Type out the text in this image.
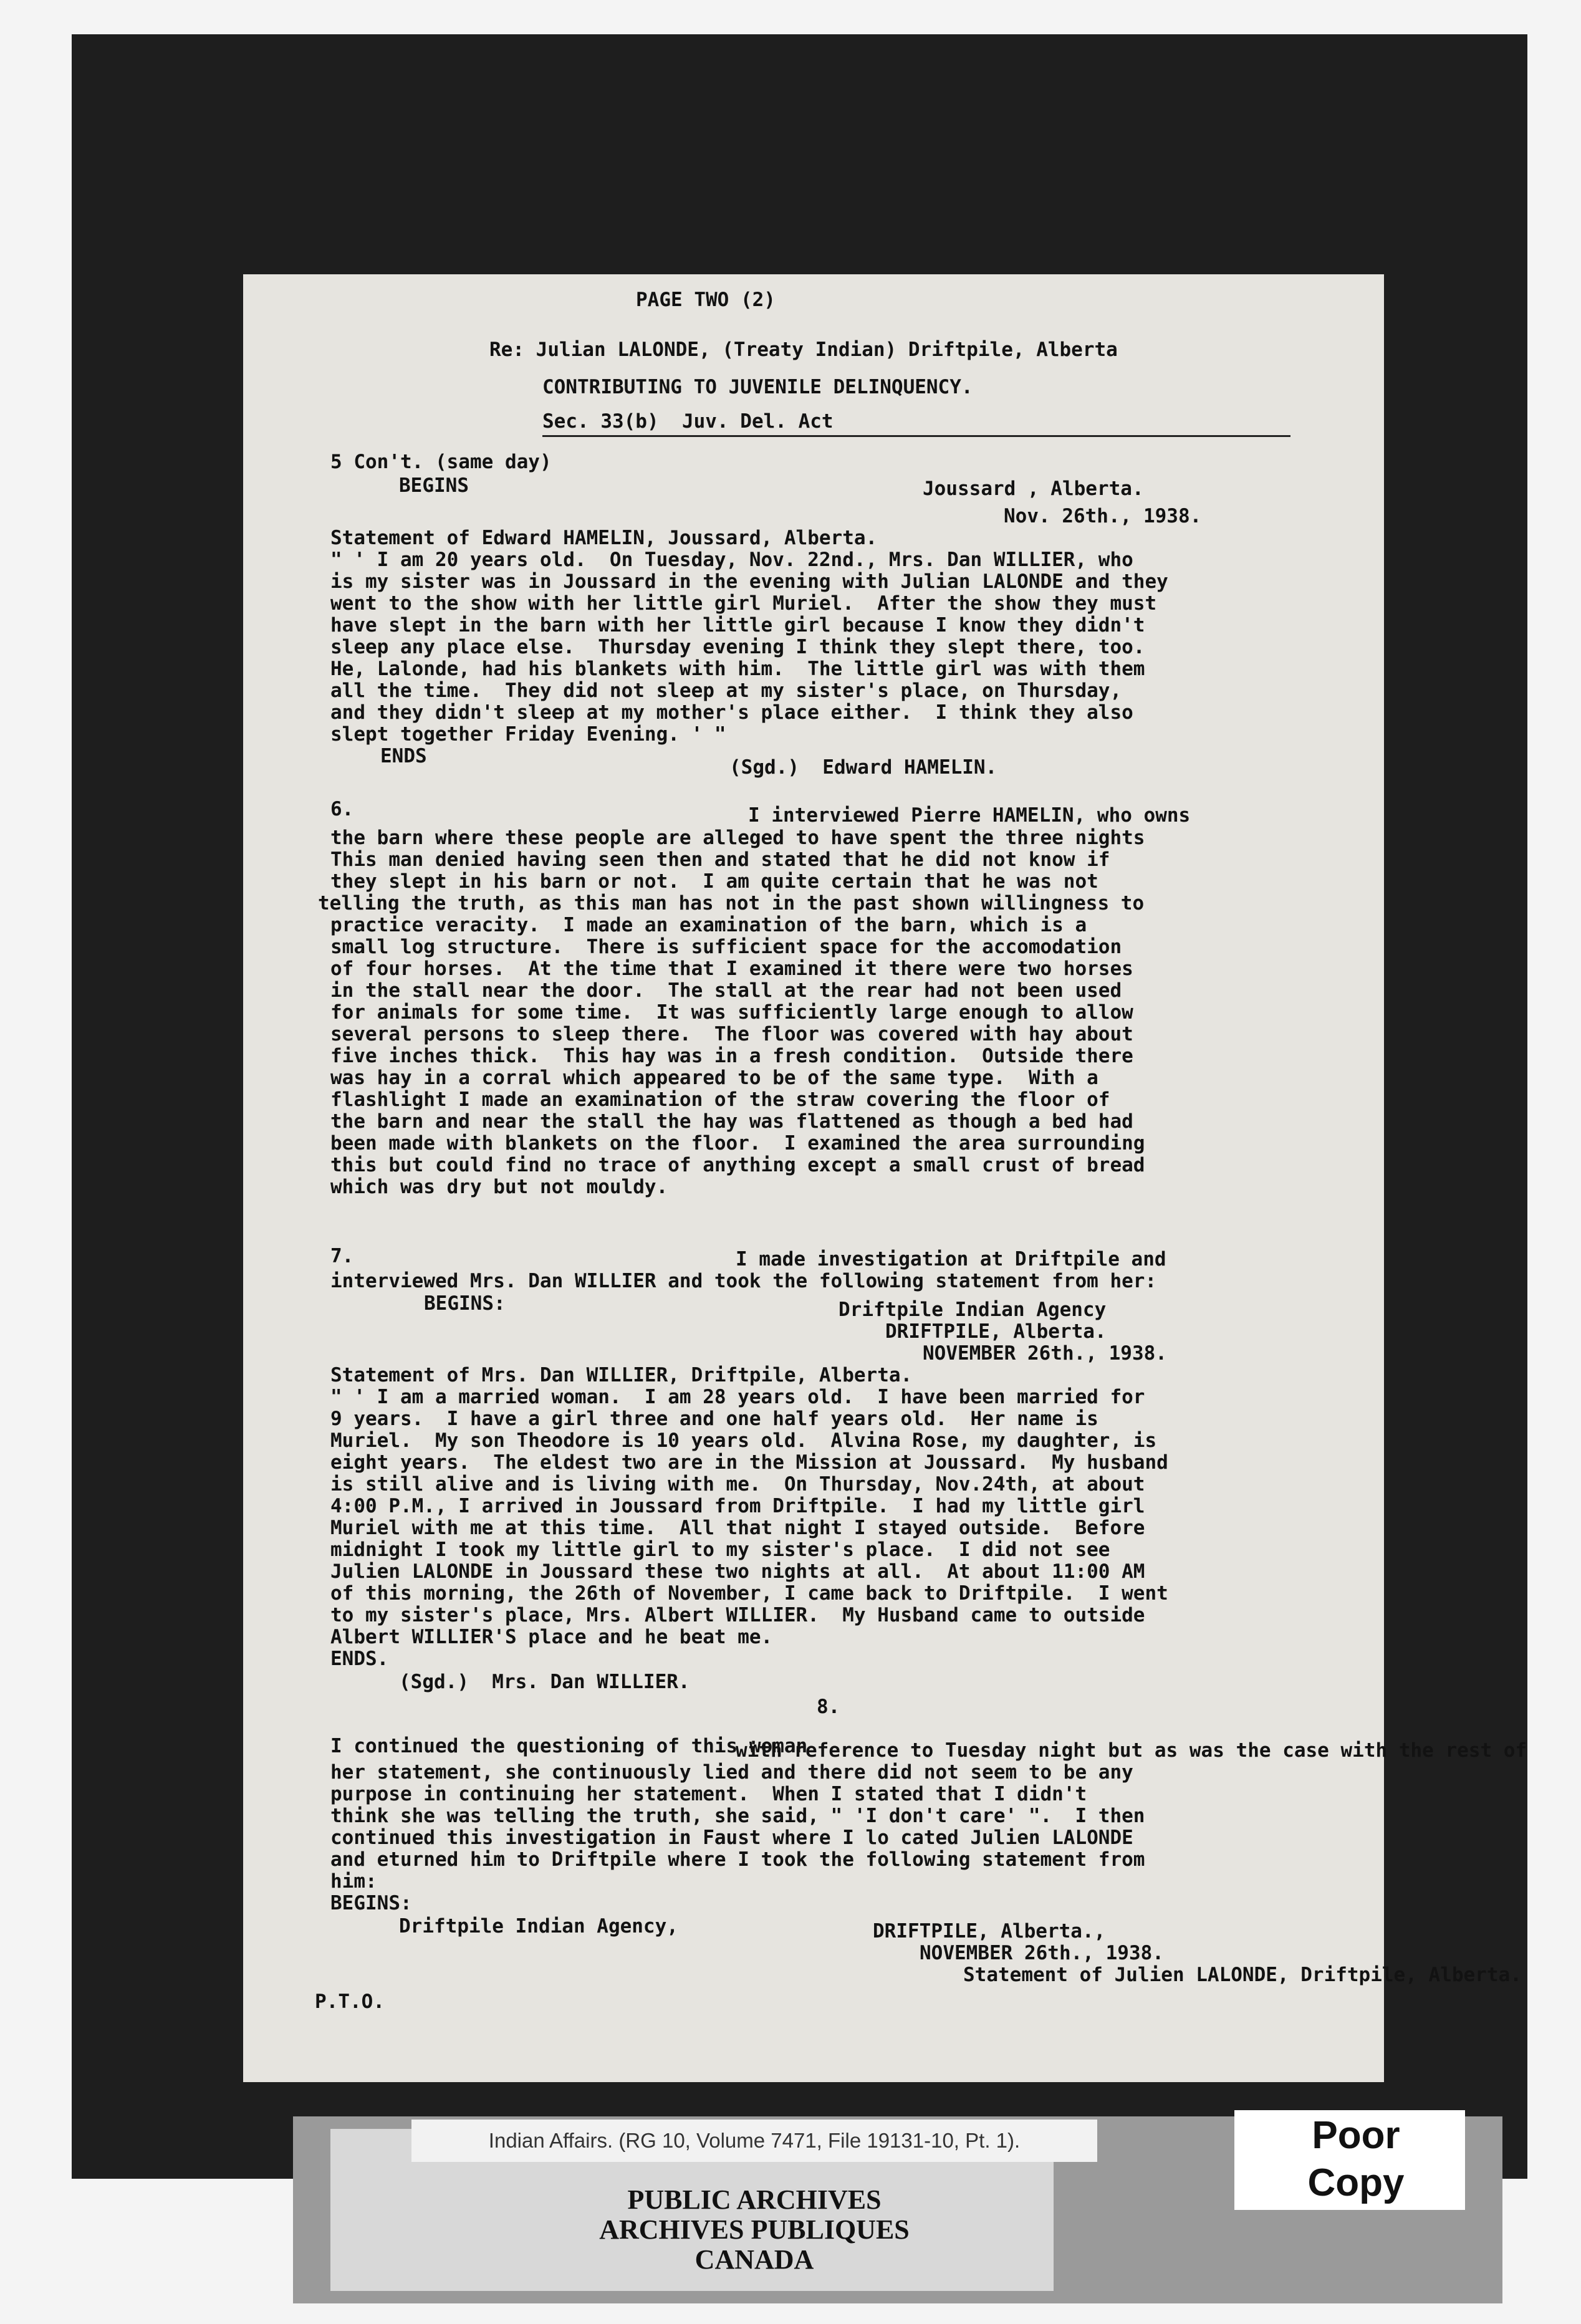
PAGE TWO (2)
Re: Julian LALONDE, (Treaty Indian) Driftpile, Alberta
CONTRIBUTING TO JUVENILE DELINQUENCY.
Sec. 33(b)  Juv. Del. Act
5 Con't. (same day)
BEGINS	Joussard , Alberta.
Nov. 26th., 1938.
Statement of Edward HAMELIN, Joussard, Alberta.
" ' I am 20 years old.  On Tuesday, Nov. 22nd., Mrs. Dan WILLIER, who
is my sister was in Joussard in the evening with Julian LALONDE and they
went to the show with her little girl Muriel.  After the show they must
have slept in the barn with her little girl because I know they didn't
sleep any place else.  Thursday evening I think they slept there, too.
He, Lalonde, had his blankets with him.  The little girl was with them
all the time.  They did not sleep at my sister's place, on Thursday,
and they didn't sleep at my mother's place either.  I think they also
slept together Friday Evening. ' "
ENDS	(Sgd.)  Edward HAMELIN.
6.	I interviewed Pierre HAMELIN, who owns
the barn where these people are alleged to have spent the three nights
This man denied having seen then and stated that he did not know if
they slept in his barn or not.  I am quite certain that he was not
telling the truth, as this man has not in the past shown willingness to
practice veracity.  I made an examination of the barn, which is a
small log structure.  There is sufficient space for the accomodation
of four horses.  At the time that I examined it there were two horses
in the stall near the door.  The stall at the rear had not been used
for animals for some time.  It was sufficiently large enough to allow
several persons to sleep there.  The floor was covered with hay about
five inches thick.  This hay was in a fresh condition.  Outside there
was hay in a corral which appeared to be of the same type.  With a
flashlight I made an examination of the straw covering the floor of
the barn and near the stall the hay was flattened as though a bed had
been made with blankets on the floor.  I examined the area surrounding
this but could find no trace of anything except a small crust of bread
which was dry but not mouldy.
7.	I made investigation at Driftpile and
interviewed Mrs. Dan WILLIER and took the following statement from her:
BEGINS:	Driftpile Indian Agency
DRIFTPILE, Alberta.
NOVEMBER 26th., 1938.
Statement of Mrs. Dan WILLIER, Driftpile, Alberta.
" ' I am a married woman.  I am 28 years old.  I have been married for
9 years.  I have a girl three and one half years old.  Her name is
Muriel.  My son Theodore is 10 years old.  Alvina Rose, my daughter, is
eight years.  The eldest two are in the Mission at Joussard.  My husband
is still alive and is living with me.  On Thursday, Nov.24th, at about
4:00 P.M., I arrived in Joussard from Driftpile.  I had my little girl
Muriel with me at this time.  All that night I stayed outside.  Before
midnight I took my little girl to my sister's place.  I did not see
Julien LALONDE in Joussard these two nights at all.  At about 11:00 AM
of this morning, the 26th of November, I came back to Driftpile.  I went
to my sister's place, Mrs. Albert WILLIER.  My Husband came to outside
Albert WILLIER'S place and he beat me.
ENDS.
(Sgd.)  Mrs. Dan WILLIER.
8.
I continued the questioning of this woman
with reference to Tuesday night but as was the case with the rest of
her statement, she continuously lied and there did not seem to be any
purpose in continuing her statement.  When I stated that I didn't
think she was telling the truth, she said, " 'I don't care' ".  I then
continued this investigation in Faust where I lo cated Julien LALONDE
and eturned him to Driftpile where I took the following statement from
him:
BEGINS:
Driftpile Indian Agency,	DRIFTPILE, Alberta.,
NOVEMBER 26th., 1938.
Statement of Julien LALONDE, Driftpile, Alberta.
P.T.O.
Indian Affairs. (RG 10, Volume 7471, File 19131-10, Pt. 1).
PUBLIC ARCHIVES
ARCHIVES PUBLIQUES
CANADA
Poor
Copy
